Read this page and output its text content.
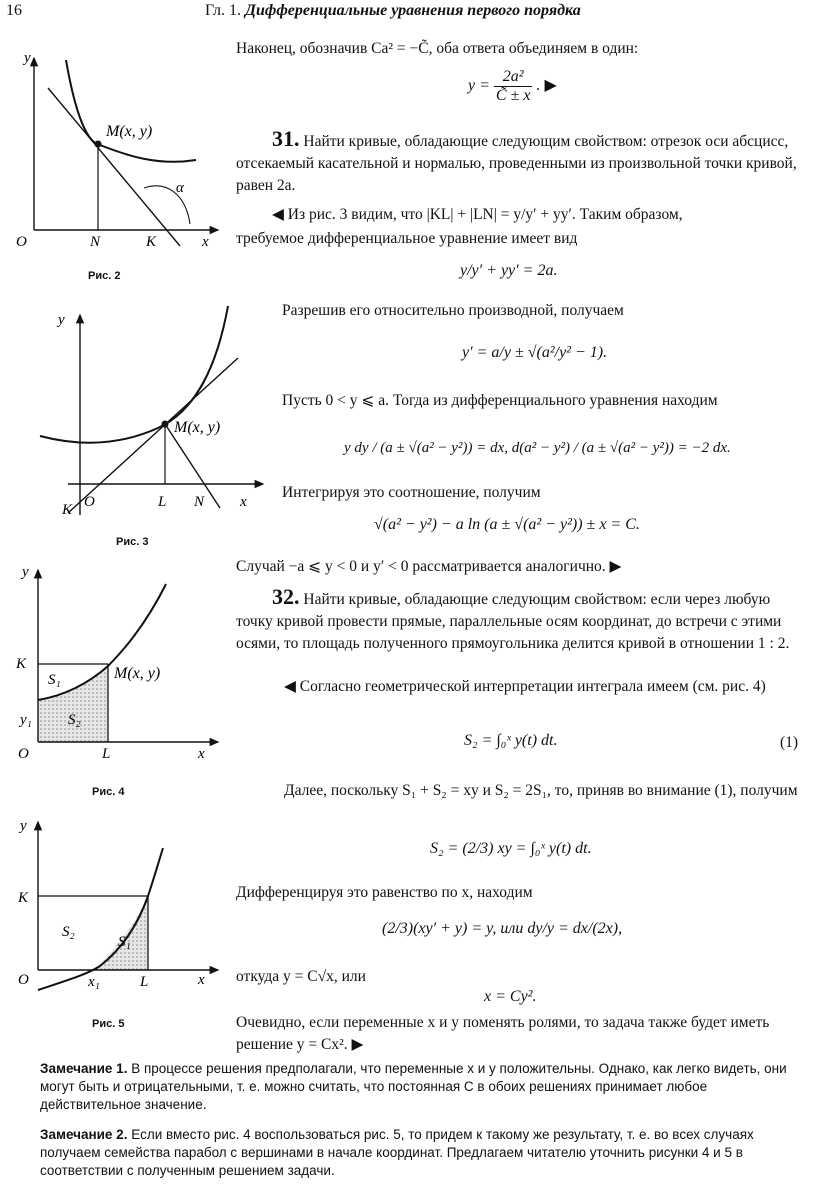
16	Гл. 1. Дифференциальные уравнения первого порядка
y
O	N	K	x
M(x, y)
α
Рис. 2
y
O
K	L N x
M(x, y)
Рис. 3
y
K
S₁
S₂
y₁
O	L	x
M(x, y)
Рис. 4
y
K
S₂
S₁
O	x₁	L	x
Рис. 5
Наконец, обозначив Ca² = −C̃, оба ответа объединяем в один:
$y = \frac{\text{2a²}}{C̃ \pm x}$ . ▶
31. Найти кривые, обладающие следующим свойством: отрезок оси абсцисс, отсекаемый касательной и нормалью, проведенными из произвольной точки кривой, равен 2a.
◀ Из рис. 3 видим, что |KL| + |LN| = y/y′ + yy′. Таким образом,
требуемое дифференциальное уравнение имеет вид
y/y′ + yy′ = 2a.
Разрешив его относительно производной, получаем
y′ = a/y ± √(a²/y² − 1).
Пусть 0 < y ⩽ a. Тогда из дифференциального уравнения находим
y dy / (a ± √(a² − y²)) = dx, d(a² − y²) / (a ± √(a² − y²)) = −2 dx.
Интегрируя это соотношение, получим
√(a² − y²) − a ln (a ± √(a² − y²)) ± x = C.
Случай −a ⩽ y < 0 и y′ < 0 рассматривается аналогично. ▶
32. Найти кривые, обладающие следующим свойством: если через любую точку кривой провести прямые, параллельные осям координат, до встречи с этими осями, то площадь полученного прямоугольника делится кривой в отношении 1 : 2.
◀ Согласно геометрической интерпретации интеграла имеем (см. рис. 4)
S₂ = ∫₀ˣ y(t) dt.	(1)
Далее, поскольку S₁ + S₂ = xy и S₂ = 2S₁, то, приняв во внимание (1), получим
S₂ = (2/3) xy = ∫₀ˣ y(t) dt.
Дифференцируя это равенство по x, находим
(2/3)(xy′ + y) = y, или dy/y = dx/(2x),
откуда y = C√x, или
x = Cy².
Очевидно, если переменные x и y поменять ролями, то задача также будет иметь решение y = Cx². ▶
Замечание 1. В процессе решения предполагали, что переменные x и y положительны. Однако, как легко видеть, они могут быть и отрицательными, т. е. можно считать, что постоянная C в обоих решениях принимает любое действительное значение.
Замечание 2. Если вместо рис. 4 воспользоваться рис. 5, то придем к такому же результату, т. е. во всех случаях получаем семейства парабол с вершинами в начале координат. Предлагаем читателю уточнить рисунки 4 и 5 в соответствии с полученным решением задачи.
